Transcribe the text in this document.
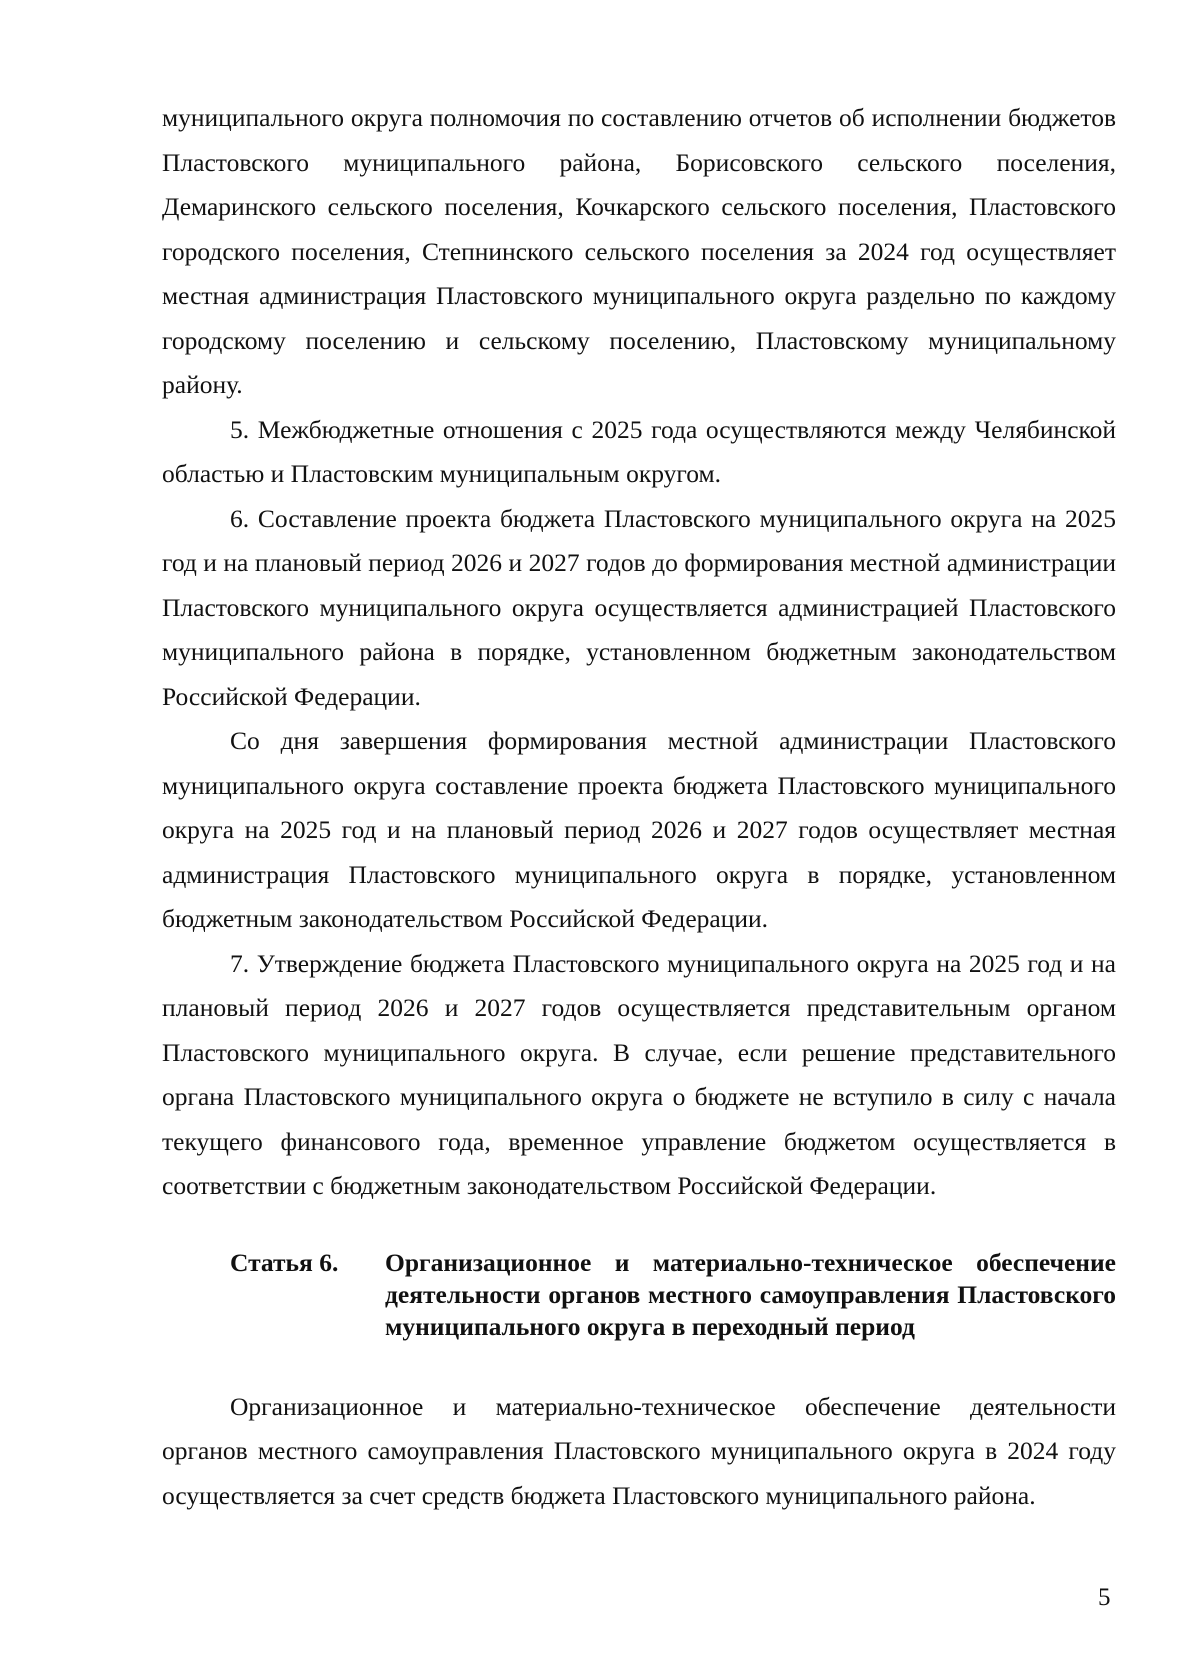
муниципального округа полномочия по составлению отчетов об исполнении бюджетов Пластовского муниципального района, Борисовского сельского поселения, Демаринского сельского поселения, Кочкарского сельского поселения, Пластовского городского поселения, Степнинского сельского поселения за 2024 год осуществляет местная администрация Пластовского муниципального округа раздельно по каждому городскому поселению и сельскому поселению, Пластовскому муниципальному району.

5. Межбюджетные отношения с 2025 года осуществляются между Челябинской областью и Пластовским муниципальным округом.

6. Составление проекта бюджета Пластовского муниципального округа на 2025 год и на плановый период 2026 и 2027 годов до формирования местной администрации Пластовского муниципального округа осуществляется администрацией Пластовского муниципального района в порядке, установленном бюджетным законодательством Российской Федерации.

Со дня завершения формирования местной администрации Пластовского муниципального округа составление проекта бюджета Пластовского муниципального округа на 2025 год и на плановый период 2026 и 2027 годов осуществляет местная администрация Пластовского муниципального округа в порядке, установленном бюджетным законодательством Российской Федерации.

7. Утверждение бюджета Пластовского муниципального округа на 2025 год и на плановый период 2026 и 2027 годов осуществляется представительным органом Пластовского муниципального округа. В случае, если решение представительного органа Пластовского муниципального округа о бюджете не вступило в силу с начала текущего финансового года, временное управление бюджетом осуществляется в соответствии с бюджетным законодательством Российской Федерации.

Статья 6.	Организационное и материально-техническое обеспечение деятельности органов местного самоуправления Пластовского муниципального округа в переходный период

Организационное и материально-техническое обеспечение деятельности органов местного самоуправления Пластовского муниципального округа в 2024 году осуществляется за счет средств бюджета Пластовского муниципального района.

5
